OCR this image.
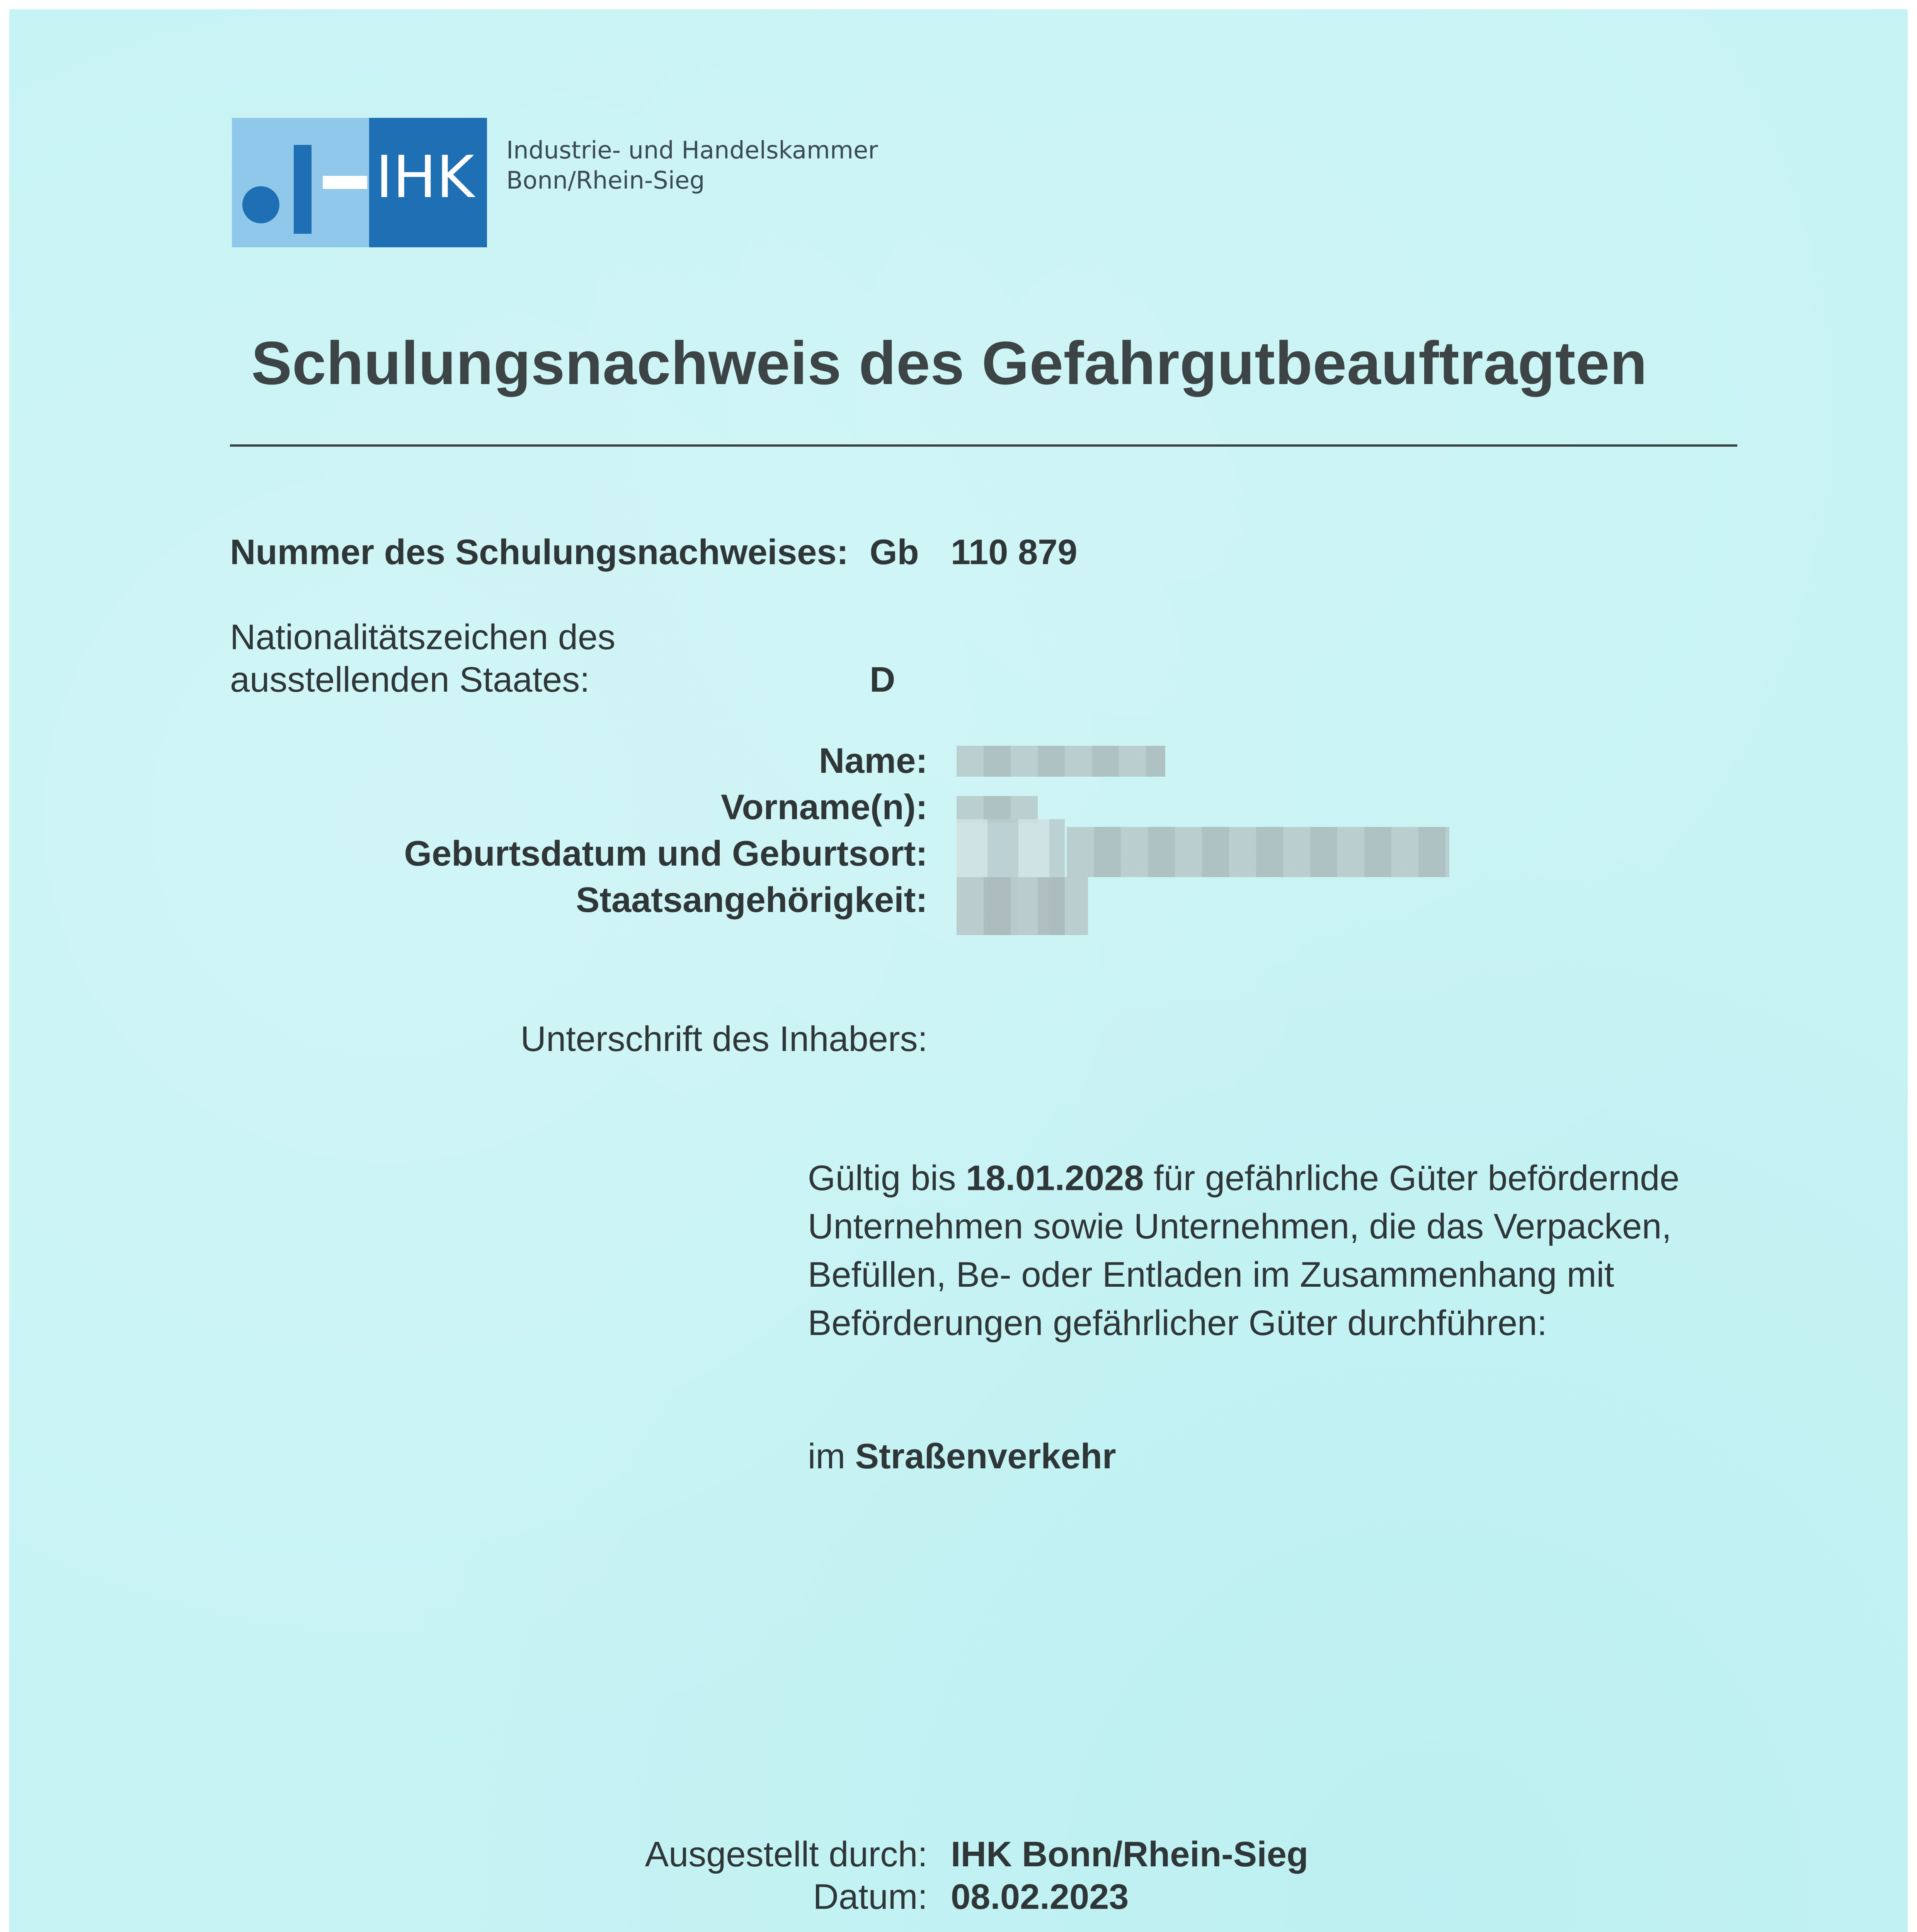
IHK Industrie- und Handelskammer
Bonn/Rhein-Sieg
Schulungsnachweis des Gefahrgutbeauftragten
Nummer des Schulungsnachweises: Gb 110 879
Nationalitätszeichen des
ausstellenden Staates:	D
Name:
Vorname(n):
Geburtsdatum und Geburtsort:
Staatsangehörigkeit:
Unterschrift des Inhabers:
Gültig bis 18.01.2028 für gefährliche Güter befördernde
Unternehmen sowie Unternehmen, die das Verpacken,
Befüllen, Be- oder Entladen im Zusammenhang mit
Beförderungen gefährlicher Güter durchführen:
im Straßenverkehr
Ausgestellt durch: IHK Bonn/Rhein-Sieg
Datum: 08.02.2023
